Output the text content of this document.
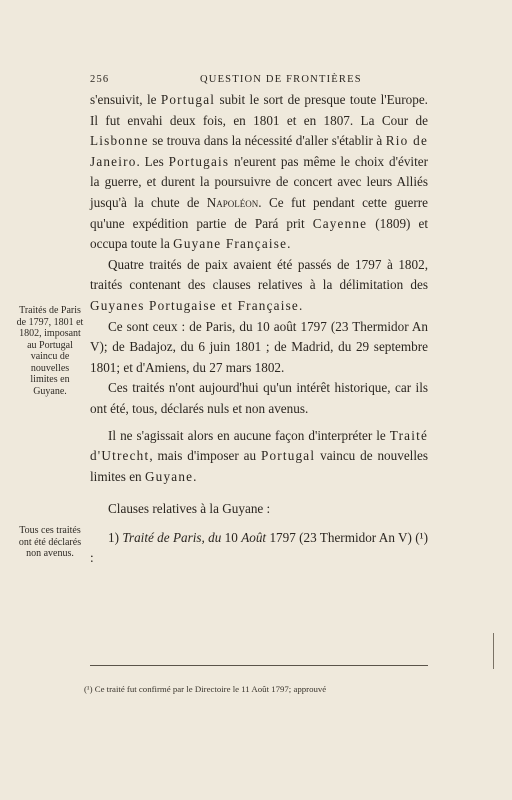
256	QUESTION DE FRONTIÈRES
Traités de Paris de 1797, 1801 et 1802, imposant au Portugal vaincu de nouvelles limites en Guyane.
Tous ces traités ont été déclarés non avenus.

s'ensuivit, le Portugal subit le sort de presque toute l'Europe. Il fut envahi deux fois, en 1801 et en 1807. La Cour de Lisbonne se trouva dans la nécessité d'aller s'établir à Rio de Janeiro. Les Portugais n'eurent pas même le choix d'éviter la guerre, et durent la poursuivre de concert avec leurs Alliés jusqu'à la chute de Napoléon. Ce fut pendant cette guerre qu'une expédition partie de Pará prit Cayenne (1809) et occupa toute la Guyane Française.

Quatre traités de paix avaient été passés de 1797 à 1802, traités contenant des clauses relatives à la délimitation des Guyanes Portugaise et Française.

Ce sont ceux : de Paris, du 10 août 1797 (23 Thermidor An V); de Badajoz, du 6 juin 1801 ; de Madrid, du 29 septembre 1801; et d'Amiens, du 27 mars 1802.

Ces traités n'ont aujourd'hui qu'un intérêt historique, car ils ont été, tous, déclarés nuls et non avenus.

Il ne s'agissait alors en aucune façon d'interpréter le Traité d'Utrecht, mais d'imposer au Portugal vaincu de nouvelles limites en Guyane.

Clauses relatives à la Guyane :

1) Traité de Paris, du 10 Août 1797 (23 Thermidor An V) (¹) :

(¹) Ce traité fut confirmé par le Directoire le 11 Août 1797; approuvé
